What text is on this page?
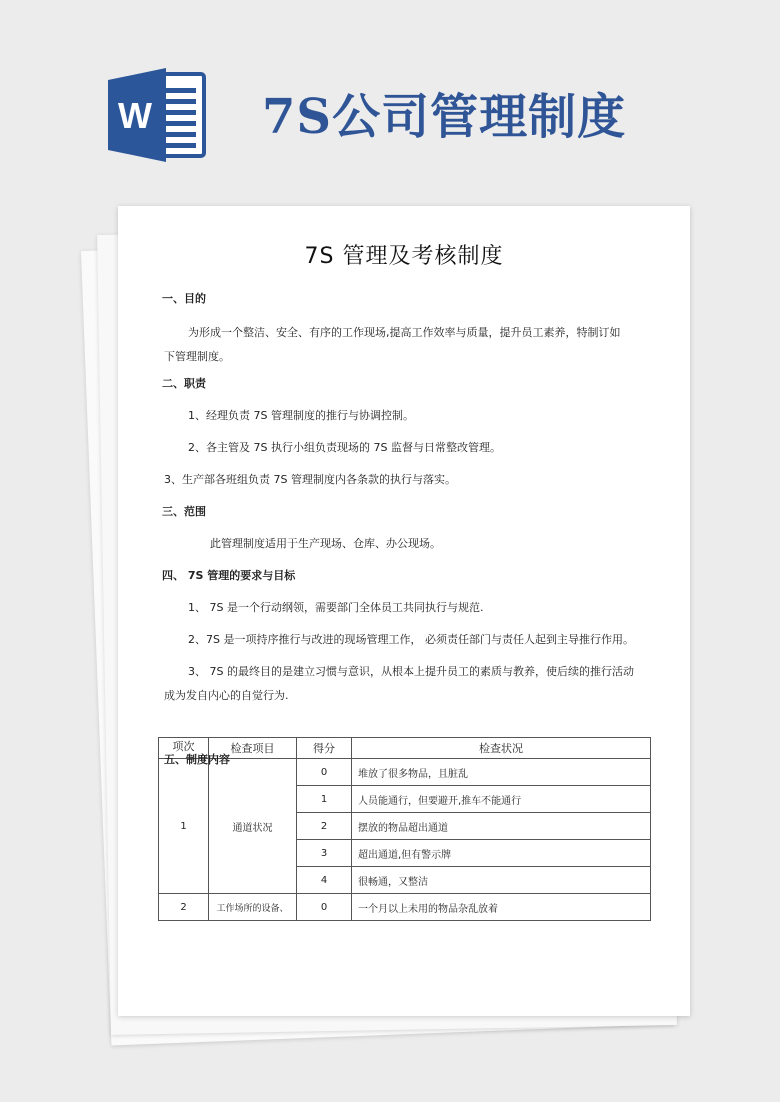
W 7S公司管理制度
7S 管理及考核制度
一、目的
为形成一个整洁、安全、有序的工作现场,提高工作效率与质量，提升员工素养，特制订如
下管理制度。
二、职责
1、经理负责 7S 管理制度的推行与协调控制。
2、各主管及 7S 执行小组负责现场的 7S 监督与日常整改管理。
3、生产部各班组负责 7S 管理制度内各条款的执行与落实。
三、范围
此管理制度适用于生产现场、仓库、办公现场。
四、 7S 管理的要求与目标
1、 7S 是一个行动纲领，需要部门全体员工共同执行与规范.
2、7S 是一项持序推行与改进的现场管理工作， 必须责任部门与责任人起到主导推行作用。
3、 7S 的最终目的是建立习惯与意识，从根本上提升员工的素质与教养，使后续的推行活动
成为发自内心的自觉行为.
项次	检查项目	得分	检查状况
1	通道状况	0	堆放了很多物品，且脏乱
		1	人员能通行，但要避开,推车不能通行
		2	摆放的物品超出通道
		3	超出通道,但有警示牌
		4	很畅通，又整洁
2	工作场所的设备、	0	一个月以上未用的物品杂乱放着
五、制度内容
